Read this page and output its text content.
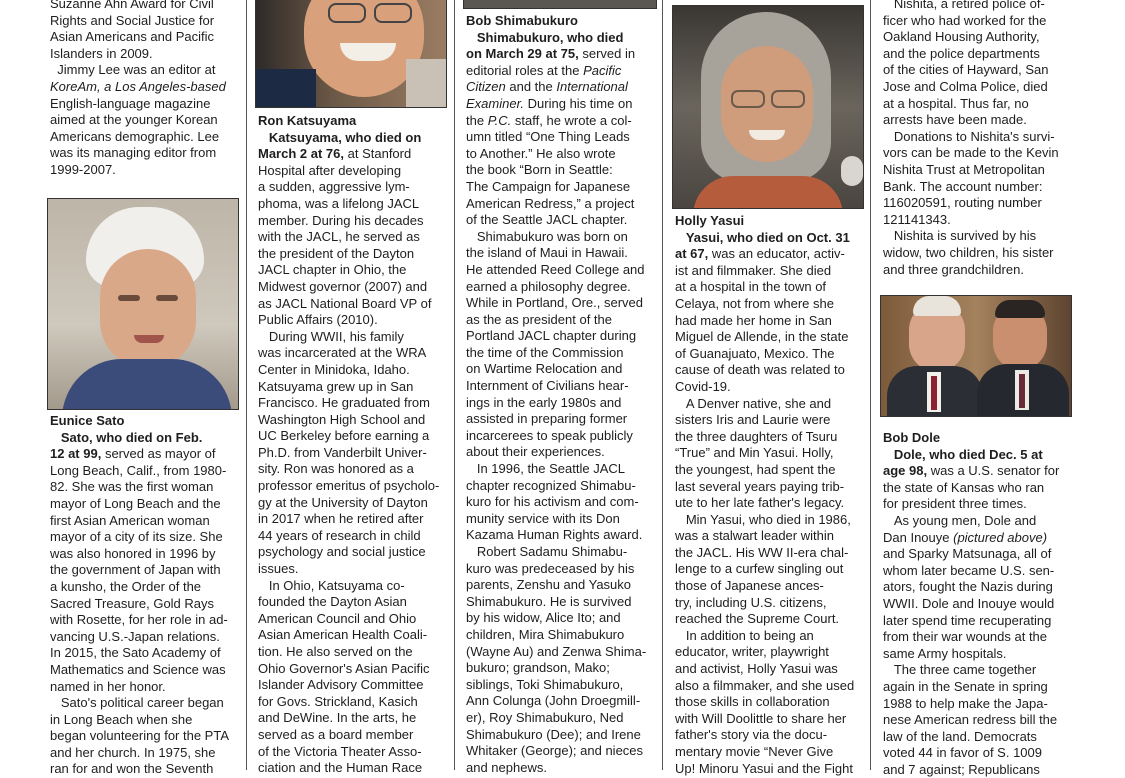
Suzanne Ahn Award for Civil
Rights and Social Justice for
Asian Americans and Pacific
Islanders in 2009.

Jimmy Lee was an editor at
KoreAm, a Los Angeles-based
English-language magazine
aimed at the younger Korean
Americans demographic. Lee
was its managing editor from
1999-2007.

Eunice Sato

Sato, who died on Feb.
12 at 99, served as mayor of
Long Beach, Calif., from 1980-
82. She was the first woman
mayor of Long Beach and the
first Asian American woman
mayor of a city of its size. She
was also honored in 1996 by
the government of Japan with
a kunsho, the Order of the
Sacred Treasure, Gold Rays
with Rosette, for her role in ad-
vancing U.S.-Japan relations.
In 2015, the Sato Academy of
Mathematics and Science was
named in her honor.

Sato's political career began
in Long Beach when she
began volunteering for the PTA
and her church. In 1975, she
ran for and won the Seventh

Ron Katsuyama

Katsuyama, who died on
March 2 at 76, at Stanford
Hospital after developing
a sudden, aggressive lym-
phoma, was a lifelong JACL
member. During his decades
with the JACL, he served as
the president of the Dayton
JACL chapter in Ohio, the
Midwest governor (2007) and
as JACL National Board VP of
Public Affairs (2010).

During WWII, his family
was incarcerated at the WRA
Center in Minidoka, Idaho.
Katsuyama grew up in San
Francisco. He graduated from
Washington High School and
UC Berkeley before earning a
Ph.D. from Vanderbilt Univer-
sity. Ron was honored as a
professor emeritus of psycholo-
gy at the University of Dayton
in 2017 when he retired after
44 years of research in child
psychology and social justice
issues.

In Ohio, Katsuyama co-
founded the Dayton Asian
American Council and Ohio
Asian American Health Coali-
tion. He also served on the
Ohio Governor's Asian Pacific
Islander Advisory Committee
for Govs. Strickland, Kasich
and DeWine. In the arts, he
served as a board member
of the Victoria Theater Asso-
ciation and the Human Race

Bob Shimabukuro

Shimabukuro, who died
on March 29 at 75, served in
editorial roles at the Pacific
Citizen and the International
Examiner. During his time on
the P.C. staff, he wrote a col-
umn titled “One Thing Leads
to Another.” He also wrote
the book “Born in Seattle:
The Campaign for Japanese
American Redress,” a project
of the Seattle JACL chapter.

Shimabukuro was born on
the island of Maui in Hawaii.
He attended Reed College and
earned a philosophy degree.
While in Portland, Ore., served
as the as president of the
Portland JACL chapter during
the time of the Commission
on Wartime Relocation and
Internment of Civilians hear-
ings in the early 1980s and
assisted in preparing former
incarcerees to speak publicly
about their experiences.

In 1996, the Seattle JACL
chapter recognized Shimabu-
kuro for his activism and com-
munity service with its Don
Kazama Human Rights award.

Robert Sadamu Shimabu-
kuro was predeceased by his
parents, Zenshu and Yasuko
Shimabukuro. He is survived
by his widow, Alice Ito; and
children, Mira Shimabukuro
(Wayne Au) and Zenwa Shima-
bukuro; grandson, Mako;
siblings, Toki Shimabukuro,
Ann Colunga (John Droegmill-
er), Roy Shimabukuro, Ned
Shimabukuro (Dee); and Irene
Whitaker (George); and nieces
and nephews.

Holly Yasui

Yasui, who died on Oct. 31
at 67, was an educator, activ-
ist and filmmaker. She died
at a hospital in the town of
Celaya, not from where she
had made her home in San
Miguel de Allende, in the state
of Guanajuato, Mexico. The
cause of death was related to
Covid-19.

A Denver native, she and
sisters Iris and Laurie were
the three daughters of Tsuru
“True” and Min Yasui. Holly,
the youngest, had spent the
last several years paying trib-
ute to her late father's legacy.

Min Yasui, who died in 1986,
was a stalwart leader within
the JACL. His WW II-era chal-
lenge to a curfew singling out
those of Japanese ances-
try, including U.S. citizens,
reached the Supreme Court.

In addition to being an
educator, writer, playwright
and activist, Holly Yasui was
also a filmmaker, and she used
those skills in collaboration
with Will Doolittle to share her
father's story via the docu-
mentary movie “Never Give
Up! Minoru Yasui and the Fight

Nishita, a retired police of-
ficer who had worked for the
Oakland Housing Authority,
and the police departments
of the cities of Hayward, San
Jose and Colma Police, died
at a hospital. Thus far, no
arrests have been made.

Donations to Nishita's survi-
vors can be made to the Kevin
Nishita Trust at Metropolitan
Bank. The account number:
116020591, routing number
121141343.

Nishita is survived by his
widow, two children, his sister
and three grandchildren.

Bob Dole

Dole, who died Dec. 5 at
age 98, was a U.S. senator for
the state of Kansas who ran
for president three times.

As young men, Dole and
Dan Inouye (pictured above)
and Sparky Matsunaga, all of
whom later became U.S. sen-
ators, fought the Nazis during
WWII. Dole and Inouye would
later spend time recuperating
from their war wounds at the
same Army hospitals.

The three came together
again in the Senate in spring
1988 to help make the Japa-
nese American redress bill the
law of the land. Democrats
voted 44 in favor of S. 1009
and 7 against; Republicans
